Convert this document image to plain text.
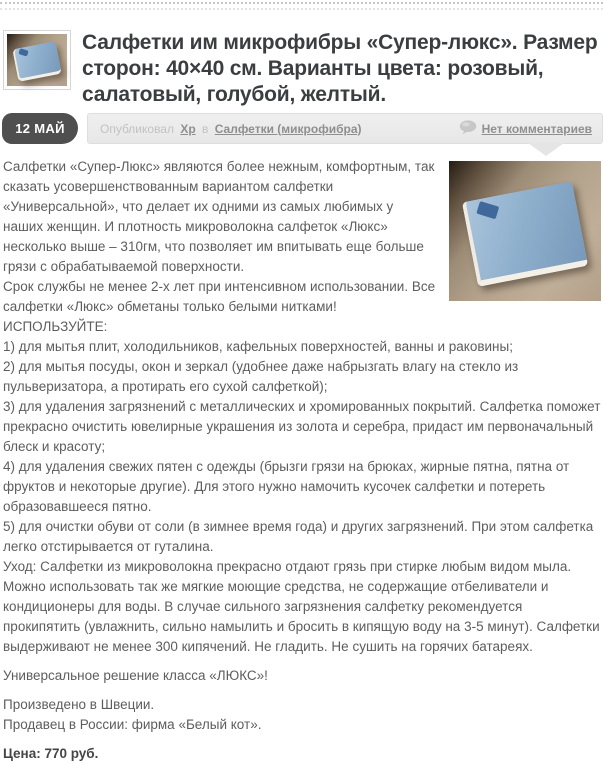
Салфетки им микрофибры «Супер-люкс». Размер сторон: 40×40 см. Варианты цвета: розовый, салатовый, голубой, желтый.
12 МАЙ	Опубликовал Хр в Салфетки (микрофибра)	Нет комментариев

Салфетки «Супер-Люкс» являются более нежным, комфортным, так сказать усовершенствованным вариантом салфетки «Универсальной», что делает их одними из самых любимых у наших женщин. И плотность микроволокна салфеток «Люкс» несколько выше – 310гм, что позволяет им впитывать еще больше грязи с обрабатываемой поверхности.

Срок службы не менее 2-х лет при интенсивном использовании. Все салфетки «Люкс» обметаны только белыми нитками!

ИСПОЛЬЗУЙТЕ:

1) для мытья плит, холодильников, кафельных поверхностей, ванны и раковины;

2) для мытья посуды, окон и зеркал (удобнее даже набрызгать влагу на стекло из пульверизатора, а протирать его сухой салфеткой);

3) для удаления загрязнений с металлических и хромированных покрытий. Салфетка поможет прекрасно очистить ювелирные украшения из золота и серебра, придаст им первоначальный блеск и красоту;

4) для удаления свежих пятен с одежды (брызги грязи на брюках, жирные пятна, пятна от фруктов и некоторые другие). Для этого нужно намочить кусочек салфетки и потереть образовавшееся пятно.

5) для очистки обуви от соли (в зимнее время года) и других загрязнений. При этом салфетка легко отстирывается от гуталина.

Уход: Салфетки из микроволокна прекрасно отдают грязь при стирке любым видом мыла. Можно использовать так же мягкие моющие средства, не содержащие отбеливатели и кондиционеры для воды. В случае сильного загрязнения салфетку рекомендуется прокипятить (увлажнить, сильно намылить и бросить в кипящую воду на 3-5 минут). Салфетки выдерживают не менее 300 кипячений. Не гладить. Не сушить на горячих батареях.

Универсальное решение класса «ЛЮКС»!

Произведено в Швеции.

Продавец в России: фирма «Белый кот».

Цена: 770 руб.
